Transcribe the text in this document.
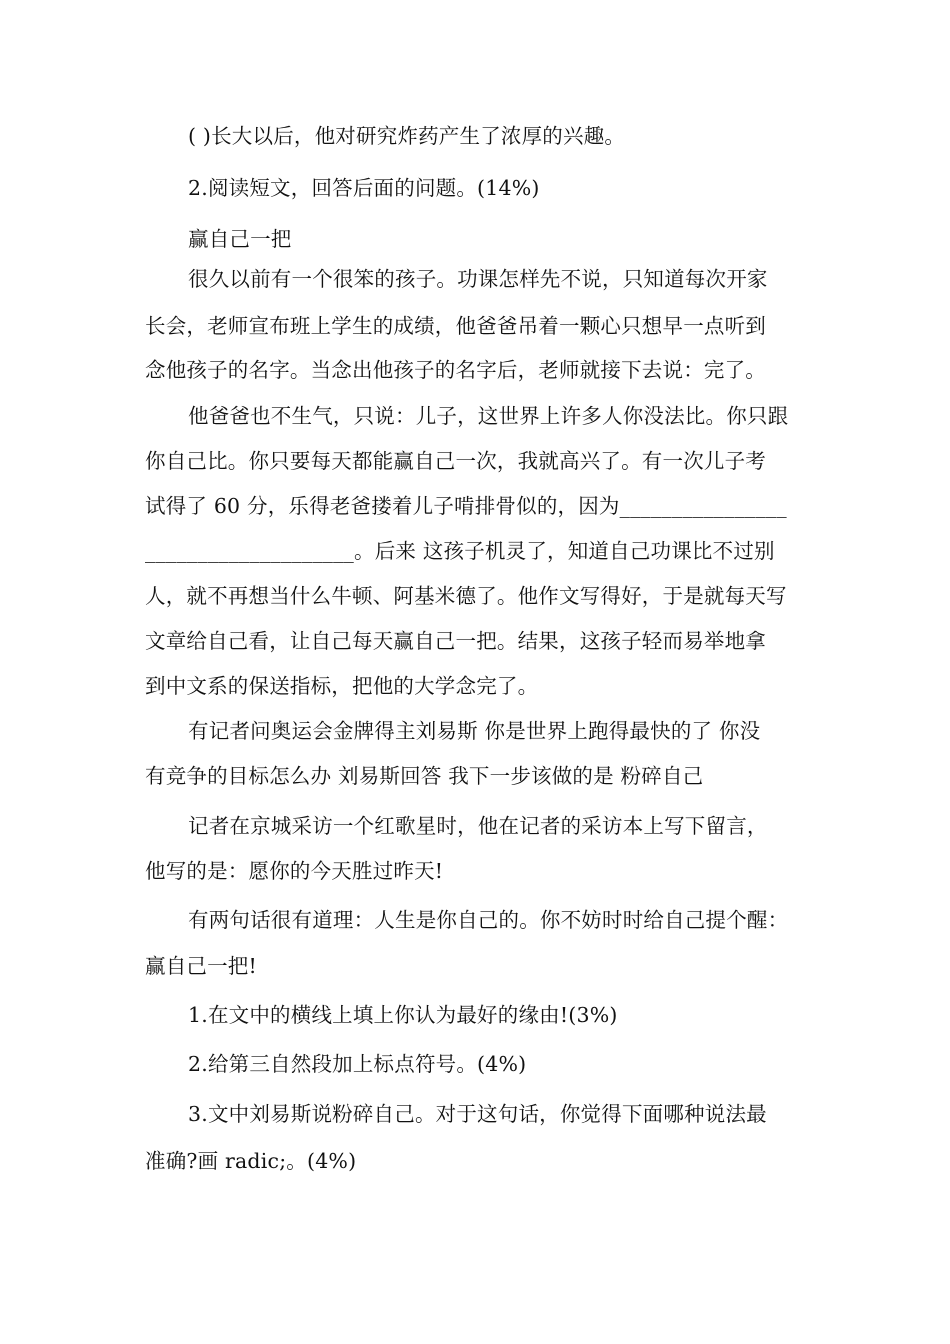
( )长大以后，他对研究炸药产生了浓厚的兴趣。
2.阅读短文，回答后面的问题。(14%)
赢自己一把
很久以前有一个很笨的孩子。功课怎样先不说，只知道每次开家
长会，老师宣布班上学生的成绩，他爸爸吊着一颗心只想早一点听到
念他孩子的名字。当念出他孩子的名字后，老师就接下去说：完了。
他爸爸也不生气，只说：儿子，这世界上许多人你没法比。你只跟
你自己比。你只要每天都能赢自己一次，我就高兴了。有一次儿子考
试得了 60 分，乐得老爸搂着儿子啃排骨似的，因为________________
____________________。后来 这孩子机灵了，知道自己功课比不过别
人，就不再想当什么牛顿、阿基米德了。他作文写得好，于是就每天写
文章给自己看，让自己每天赢自己一把。结果，这孩子轻而易举地拿
到中文系的保送指标，把他的大学念完了。
有记者问奥运会金牌得主刘易斯 你是世界上跑得最快的了 你没
有竞争的目标怎么办 刘易斯回答 我下一步该做的是 粉碎自己
记者在京城采访一个红歌星时，他在记者的采访本上写下留言，
他写的是：愿你的今天胜过昨天!
有两句话很有道理：人生是你自己的。你不妨时时给自己提个醒：
赢自己一把!
1.在文中的横线上填上你认为最好的缘由!(3%)
2.给第三自然段加上标点符号。(4%)
3.文中刘易斯说粉碎自己。对于这句话，你觉得下面哪种说法最
准确?画 radic;。(4%)
